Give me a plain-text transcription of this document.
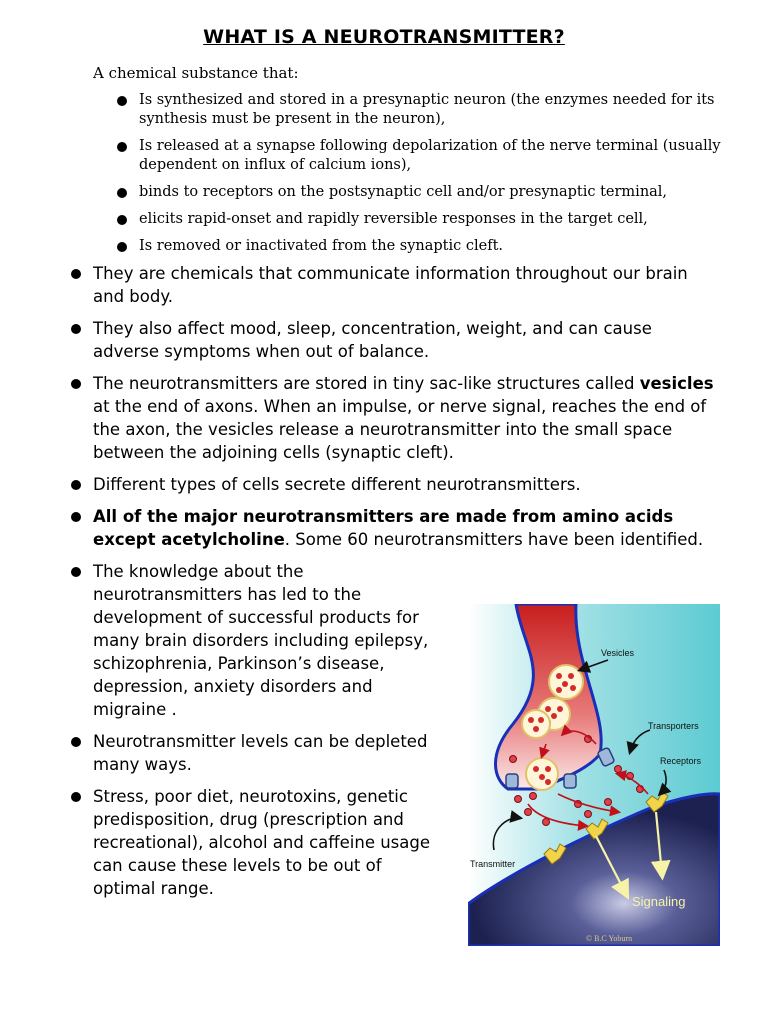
WHAT IS A NEUROTRANSMITTER?
A chemical substance that:
Is synthesized and stored in a presynaptic neuron (the enzymes needed for its synthesis must be present in the neuron),
Is released at a synapse following depolarization of the nerve terminal (usually dependent on influx of calcium ions),
binds to receptors on the postsynaptic cell and/or presynaptic terminal,
elicits rapid-onset and rapidly reversible responses in the target cell,
Is removed or inactivated from the synaptic cleft.
They are chemicals that communicate information throughout our brain and body.
They also affect mood, sleep, concentration, weight, and can cause adverse symptoms when out of balance.
The neurotransmitters are stored in tiny sac-like structures called vesicles at the end of axons. When an impulse, or nerve signal, reaches the end of the axon, the vesicles release a neurotransmitter into the small space between the adjoining cells (synaptic cleft).
Different types of cells secrete different neurotransmitters.
All of the major neurotransmitters are made from amino acids except acetylcholine. Some 60 neurotransmitters have been identified.
The knowledge about the neurotransmitters has led to the development of successful products for many brain disorders including epilepsy, schizophrenia, Parkinson’s disease, depression, anxiety disorders and migraine .
Neurotransmitter levels can be depleted many ways.
Stress, poor diet, neurotoxins, genetic predisposition, drug (prescription and recreational), alcohol and caffeine usage can cause these levels to be out of optimal range.
Vesicles
Transporters
Receptors
Transmitter
Signaling
© B.C Yoburn
